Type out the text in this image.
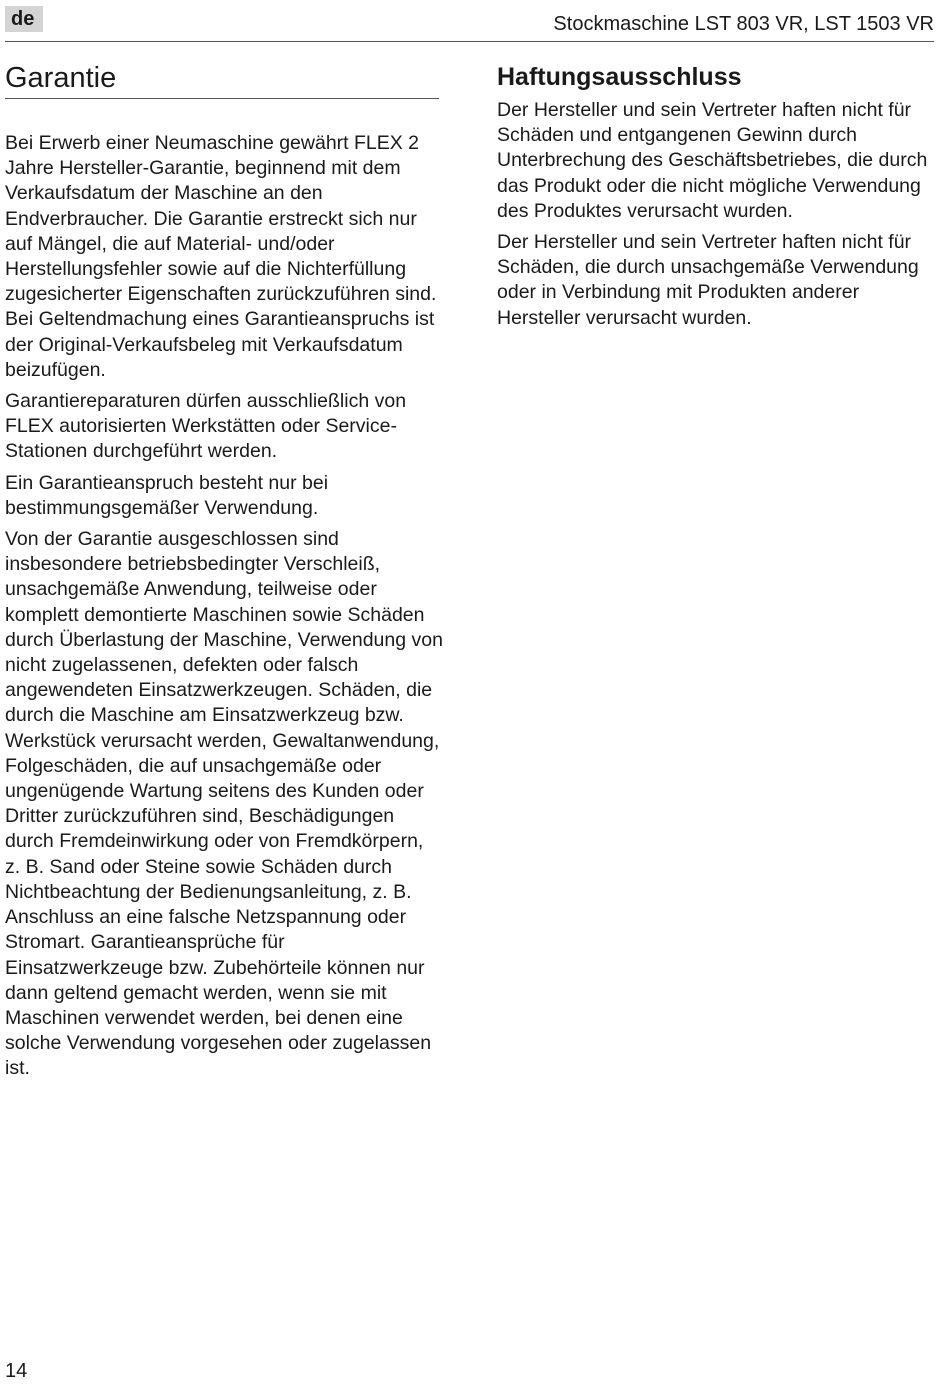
de	Stockmaschine LST 803 VR, LST 1503 VR
Garantie

Bei Erwerb einer Neumaschine gewährt FLEX 2 Jahre Hersteller-Garantie, beginnend mit dem Verkaufsdatum der Maschine an den Endverbraucher. Die Garantie erstreckt sich nur auf Mängel, die auf Material- und/oder Herstellungsfehler sowie auf die Nichterfüllung zugesicherter Eigenschaften zurückzuführen sind. Bei Geltendmachung eines Garantieanspruchs ist der Original-Verkaufsbeleg mit Verkaufsdatum beizufügen.

Garantiereparaturen dürfen ausschließlich von FLEX autorisierten Werkstätten oder Service-Stationen durchgeführt werden.

Ein Garantieanspruch besteht nur bei bestimmungsgemäßer Verwendung.

Von der Garantie ausgeschlossen sind insbesondere betriebsbedingter Verschleiß, unsachgemäße Anwendung, teilweise oder komplett demontierte Maschinen sowie Schäden durch Überlastung der Maschine, Verwendung von nicht zugelassenen, defekten oder falsch angewendeten Einsatzwerkzeugen. Schäden, die durch die Maschine am Einsatzwerkzeug bzw. Werkstück verursacht werden, Gewaltanwendung, Folgeschäden, die auf unsachgemäße oder ungenügende Wartung seitens des Kunden oder Dritter zurückzuführen sind, Beschädigungen durch Fremdeinwirkung oder von Fremdkörpern, z. B. Sand oder Steine sowie Schäden durch Nichtbeachtung der Bedienungsanleitung, z. B. Anschluss an eine falsche Netzspannung oder Stromart. Garantieansprüche für Einsatzwerkzeuge bzw. Zubehörteile können nur dann geltend gemacht werden, wenn sie mit Maschinen verwendet werden, bei denen eine solche Verwendung vorgesehen oder zugelassen ist.

Haftungsausschluss

Der Hersteller und sein Vertreter haften nicht für Schäden und entgangenen Gewinn durch Unterbrechung des Geschäftsbetriebes, die durch das Produkt oder die nicht mögliche Verwendung des Produktes verursacht wurden.

Der Hersteller und sein Vertreter haften nicht für Schäden, die durch unsachgemäße Verwendung oder in Verbindung mit Produkten anderer Hersteller verursacht wurden.

14
